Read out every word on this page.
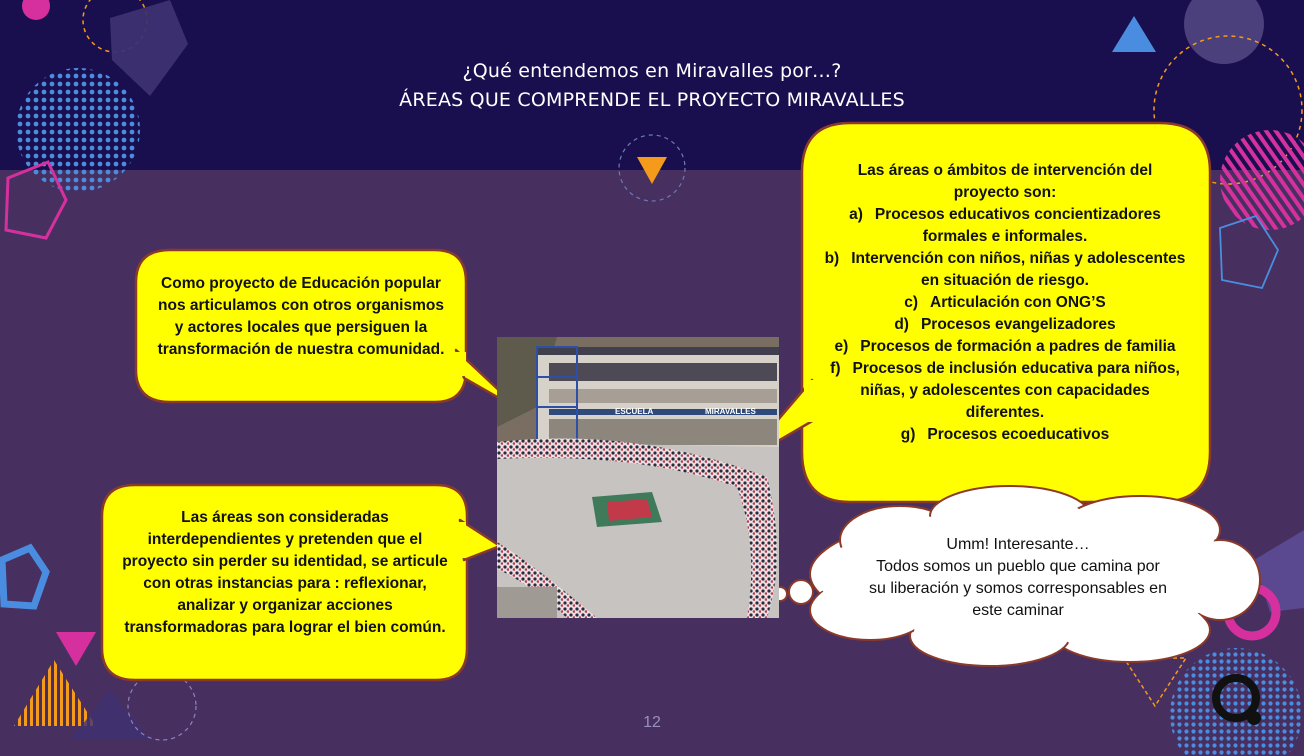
¿Qué entendemos en Miravalles por…?
ÁREAS QUE COMPRENDE EL PROYECTO MIRAVALLES
ESCUELA	MIRAVALLES
Como proyecto de Educación popular nos articulamos con otros organismos y actores locales que persiguen la transformación de nuestra comunidad.
Las áreas son consideradas interdependientes y pretenden que el proyecto sin perder su identidad, se articule con otras instancias para : reflexionar, analizar y organizar acciones transformadoras para lograr el bien común.
Las áreas o ámbitos de intervención del proyecto son:
a) Procesos educativos concientizadores formales e informales.
b) Intervención con niños, niñas y adolescentes en situación de riesgo.
c) Articulación con ONG’S
d) Procesos evangelizadores
e) Procesos de formación a padres de familia
f) Procesos de inclusión educativa para niños, niñas, y adolescentes con capacidades diferentes.
g) Procesos ecoeducativos
Umm! Interesante…
Todos somos un pueblo que camina por su liberación y somos corresponsables en este caminar
12
